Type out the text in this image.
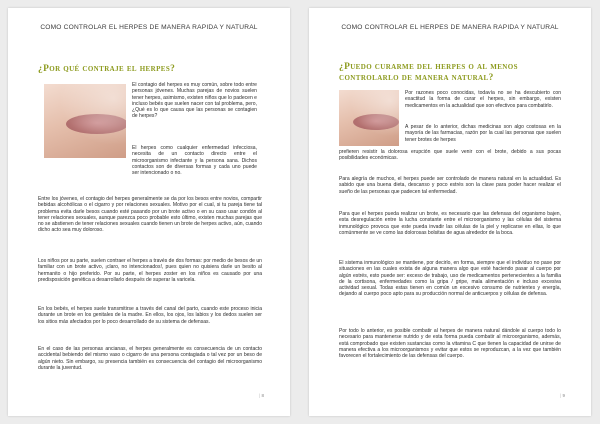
COMO CONTROLAR EL HERPES DE MANERA RAPIDA Y NATURAL
¿Por qué contraje el herpes?

El contagio del herpes es muy común, sobre todo entre personas jóvenes. Muchas parejas de novios suelen tener herpes, asimismo, existen niños que lo padecen e incluso bebés que suelen nacer con tal problema, pero, ¿Qué es lo que causa que las personas se contagien de herpes?

El herpes como cualquier enfermedad infecciosa, necesita de un contacto directo entre el microorganismo infectante y la persona sana. Dichos contactos son de diversas formas y cada uno puede ser intencionado o no.

Entre los jóvenes, el contagio del herpes generalmente se da por los besos entre novios, compartir bebidas alcohólicas o el cigarro y por relaciones sexuales. Motivo por el cual, si tu pareja tiene tal problema evita darle besos cuando esté pasando por un brote activo o en su caso usar condón al tener relaciones sexuales, aunque parezca poco probable esto último, existen muchas parejas que no se abstienen de tener relaciones sexuales cuando tienen un brote de herpes activo, aún, cuando dicho acto sea muy doloroso.

Los niños por su parte, suelen contraer el herpes a través de dos formas: por medio de besos de un familiar con un brote activo, ¡claro, no intencionados!, pues quien no quisiera darle un besito al hermanito o hijo preferido. Por su parte, el herpes zoster en los niños es causado por una predisposición genética a desarrollarlo después de superar la varicela.

En los bebés, el herpes suele transmitirse a través del canal del parto, cuando este proceso inicia durante un brote en los genitales de la madre. En ellos, los ojos, los labios y los dedos suelen ser los sitios más afectados por lo poco desarrollado de su sistema de defensas.

En el caso de las personas ancianas, el herpes generalmente es consecuencia de un contacto accidental bebiendo del mismo vaso o cigarro de una persona contagiada o tal vez por un beso de algún nieto. Sin embargo, su presencia también es consecuencia del contagio del microorganismo durante la juventud.

| 8
COMO CONTROLAR EL HERPES DE MANERA RAPIDA Y NATURAL
¿Puedo curarme del herpes o al menos controlarlo de manera natural?

Por razones poco conocidas, todavía no se ha descubierto con exactitud la forma de curar el herpes, sin embargo, existen medicamentos en la actualidad que son efectivos para combatirlo.

A pesar de lo anterior, dichas medicinas son algo costosas en la mayoría de las farmacias, razón por la cual las personas que suelen tener brotes de herpes

prefieren resistir la dolorosa erupción que suele venir con el brote, debido a sus pocas posibilidades económicas.

Para alegría de muchos, el herpes puede ser controlado de manera natural en la actualidad. Es sabido que una buena dieta, descanso y poco estrés son la clave para poder hacer realizar el sueño de las personas que padecen tal enfermedad.

Para que el herpes pueda realizar un brote, es necesario que las defensas del organismo bajen, esta desregulación entre la lucha constante entre el microorganismo y las células del sistema inmunológico provoca que este pueda invadir las células de la piel y replicarse en ellas, lo que comúnmente se ve como las dolorosas bolsitas de agua alrededor de la boca.

El sistema inmunológico se mantiene, por decirlo, en forma, siempre que el individuo no pase por situaciones en las cuales exista de alguna manera algo que esté haciendo pasar al cuerpo por algún estrés, esto puede ser: exceso de trabajo, uso de medicamentos pertenecientes a la familia de la cortisona, enfermedades como la gripa / gripe, mala alimentación e incluso excesiva actividad sexual. Todas estas tienen en común un excesivo consumo de nutrientes y energía, dejando al cuerpo poco apto para su producción normal de anticuerpos y células de defensa.

Por todo lo anterior, es posible combatir al herpes de manera natural dándole al cuerpo todo lo necesario para mantenerse nutrido y de esta forma pueda combatir al microorganismo, además, está comprobado que existen sustancias como la vitamina C que tienen la capacidad de unirse de manera efectiva a los microorganismos y evitar que estos se reproduzcan, a la vez que también favorecen el fortalecimiento de las defensas del cuerpo.

| 9
